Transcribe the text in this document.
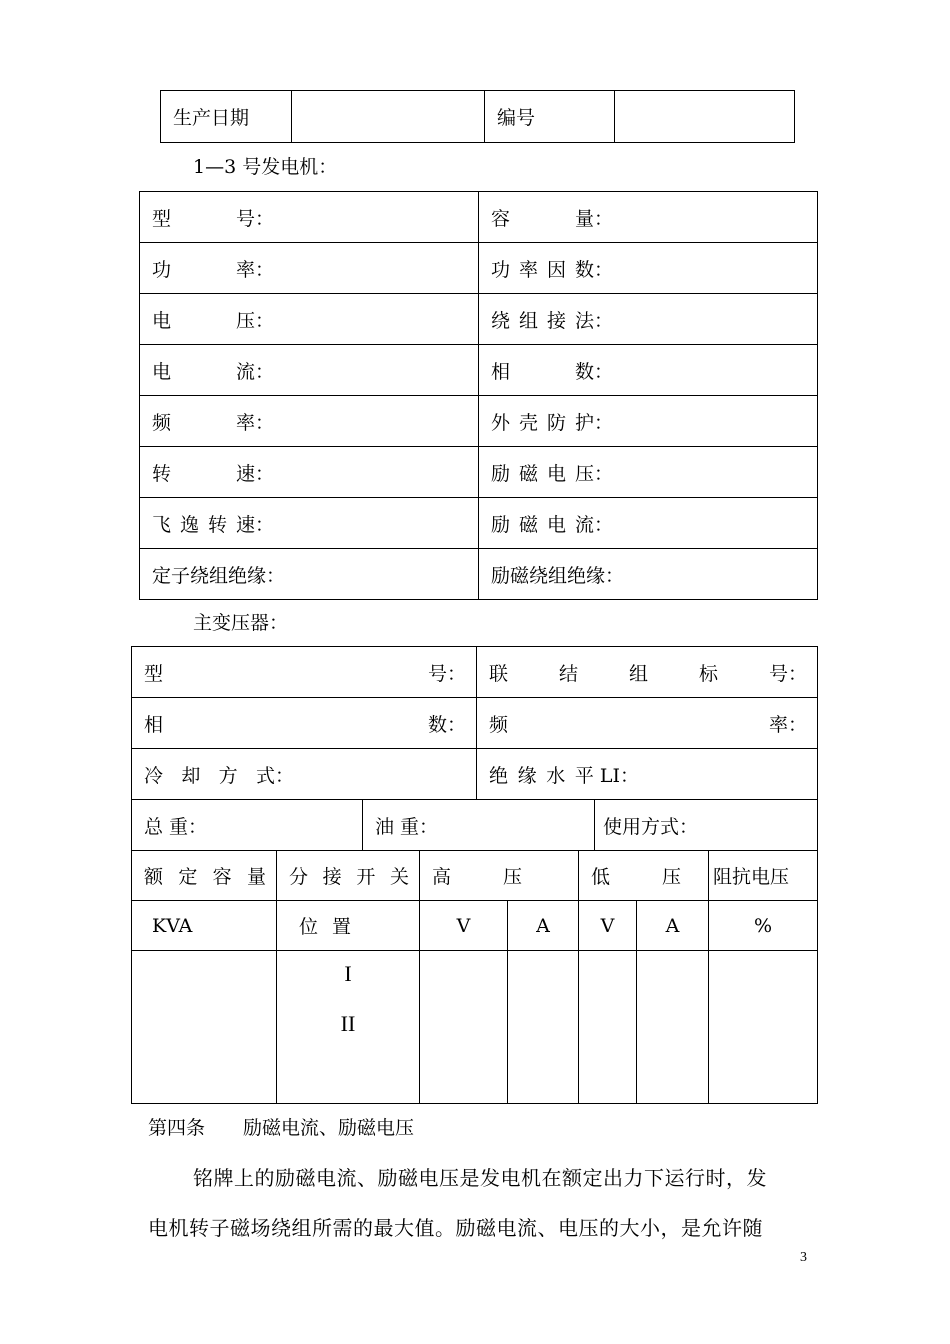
生产日期		编号	
1—3 号发电机：
型 号：	容 量：

功 率：	功 率 因 数：

电 压：	绕 组 接 法：

电 流：	相 数：

频 率：	外 壳 防 护：

转 速：	励 磁 电 压：

飞 逸 转 速：	励 磁 电 流：

定子绕组绝缘：	励磁绕组绝缘：
主变压器：
型 号：	联 结 组 标 号：

相 数：	频 率：

冷 却 方 式：	绝 缘 水 平 LI：
总 重：	油 重：	使用方式：
额 定 容 量	分 接 开 关	高 压		低 压		阻抗电压
KVA	位 置	V	A	V	A	%

	I
II					

第四条　　励磁电流、励磁电压
铭牌上的励磁电流、励磁电压是发电机在额定出力下运行时，发
电机转子磁场绕组所需的最大值。励磁电流、电压的大小，是允许随
3
